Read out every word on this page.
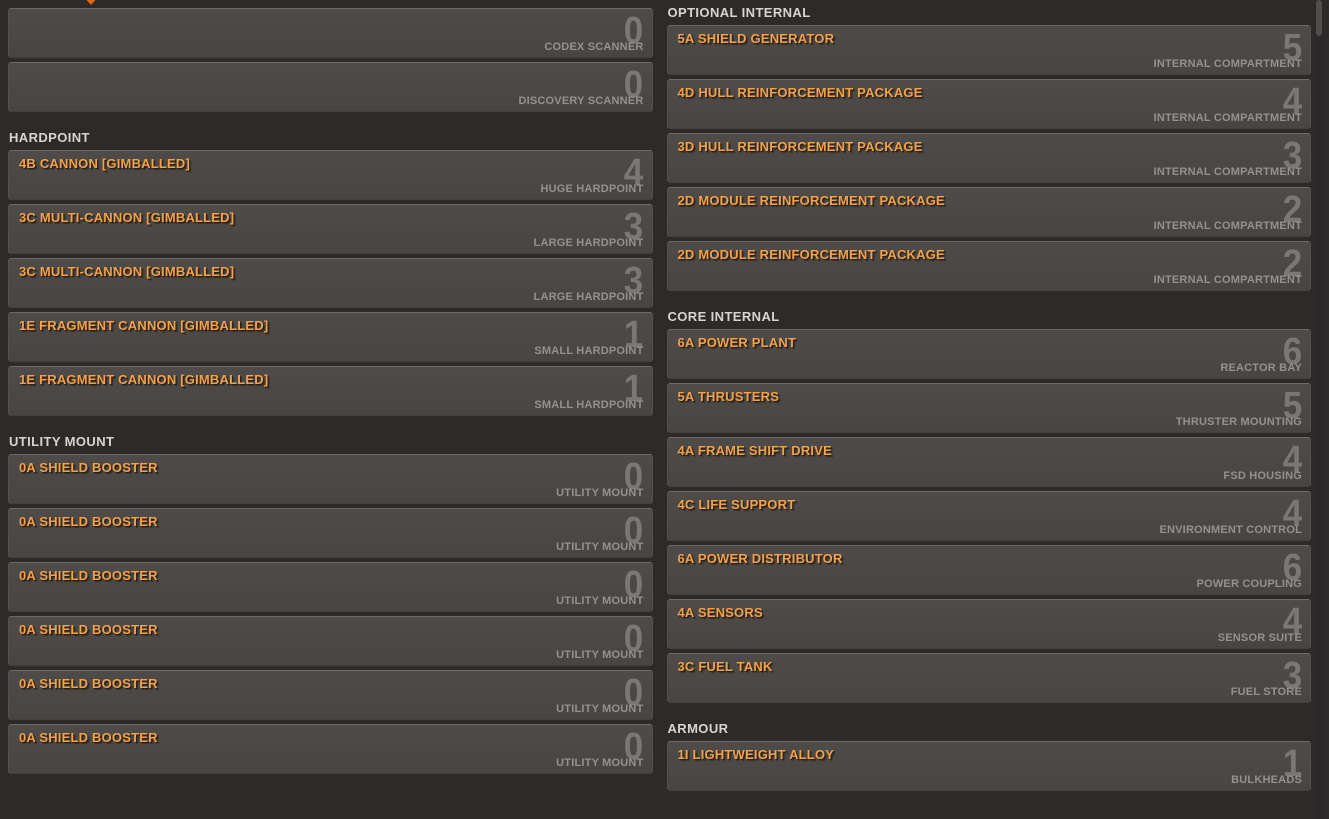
0
CODEX SCANNER
0
DISCOVERY SCANNER
HARDPOINT
4B CANNON [GIMBALLED]	4
HUGE HARDPOINT
3C MULTI-CANNON [GIMBALLED]	3
LARGE HARDPOINT
3C MULTI-CANNON [GIMBALLED]	3
LARGE HARDPOINT
1E FRAGMENT CANNON [GIMBALLED]	1
SMALL HARDPOINT
1E FRAGMENT CANNON [GIMBALLED]	1
SMALL HARDPOINT
UTILITY MOUNT
0A SHIELD BOOSTER	0
UTILITY MOUNT
0A SHIELD BOOSTER	0
UTILITY MOUNT
0A SHIELD BOOSTER	0
UTILITY MOUNT
0A SHIELD BOOSTER	0
UTILITY MOUNT
0A SHIELD BOOSTER	0
UTILITY MOUNT
0A SHIELD BOOSTER	0
UTILITY MOUNT
OPTIONAL INTERNAL
5A SHIELD GENERATOR	5
INTERNAL COMPARTMENT
4D HULL REINFORCEMENT PACKAGE	4
INTERNAL COMPARTMENT
3D HULL REINFORCEMENT PACKAGE	3
INTERNAL COMPARTMENT
2D MODULE REINFORCEMENT PACKAGE	2
INTERNAL COMPARTMENT
2D MODULE REINFORCEMENT PACKAGE	2
INTERNAL COMPARTMENT
CORE INTERNAL
6A POWER PLANT	6
REACTOR BAY
5A THRUSTERS	5
THRUSTER MOUNTING
4A FRAME SHIFT DRIVE	4
FSD HOUSING
4C LIFE SUPPORT	4
ENVIRONMENT CONTROL
6A POWER DISTRIBUTOR	6
POWER COUPLING
4A SENSORS	4
SENSOR SUITE
3C FUEL TANK	3
FUEL STORE
ARMOUR
1I LIGHTWEIGHT ALLOY	1
BULKHEADS
